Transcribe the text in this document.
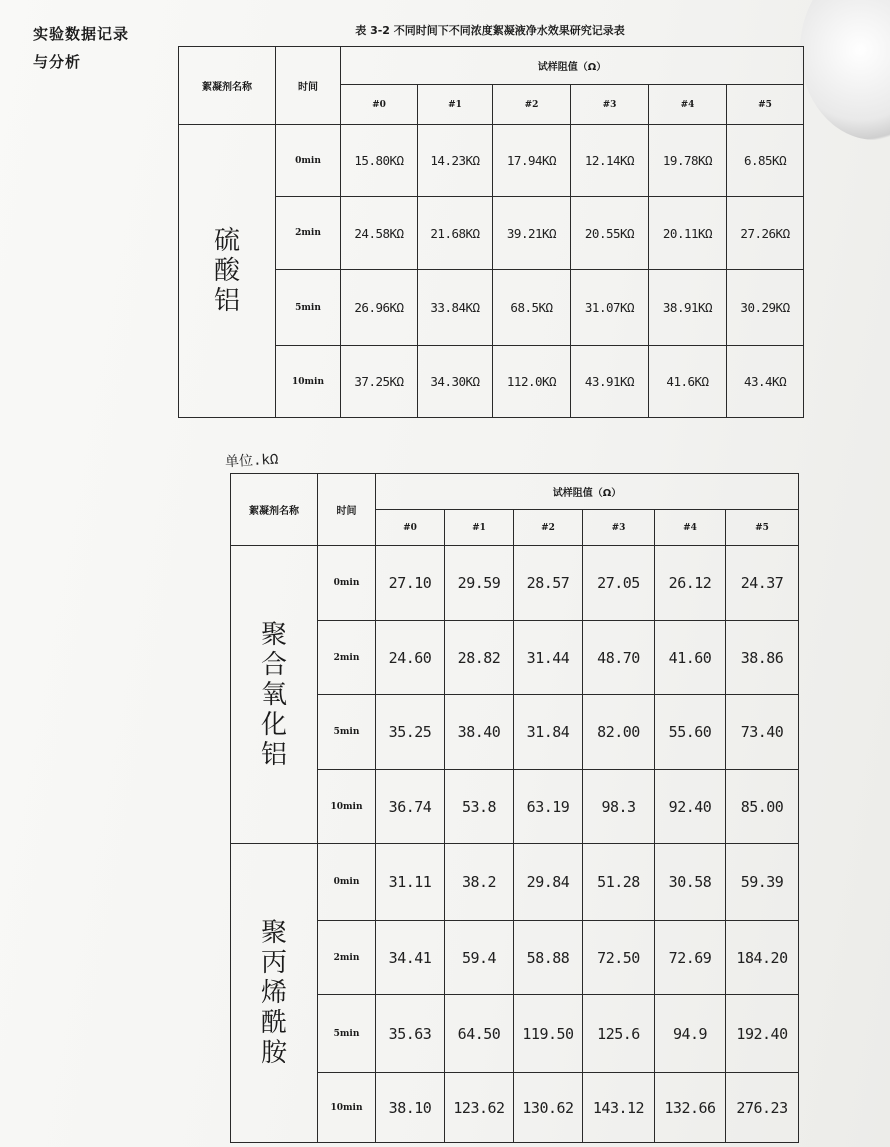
实验数据记录
与分析
表 3-2 不同时间下不同浓度絮凝液净水效果研究记录表
絮凝剂名称	时间	试样阻值（Ω）					
		#0	#1	#2	#3	#4	#5

硫
酸
铝	0min	15.80KΩ	14.23KΩ	17.94KΩ	12.14KΩ	19.78KΩ	6.85KΩ
	2min	24.58KΩ	21.68KΩ	39.21KΩ	20.55KΩ	20.11KΩ	27.26KΩ
	5min	26.96KΩ	33.84KΩ	68.5KΩ	31.07KΩ	38.91KΩ	30.29KΩ
	10min	37.25KΩ	34.30KΩ	112.0KΩ	43.91KΩ	41.6KΩ	43.4KΩ
单位.kΩ
絮凝剂名称	时间	试样阻值（Ω）					
		#0	#1	#2	#3	#4	#5

聚
合
氧
化
铝	0min	27.10	29.59	28.57	27.05	26.12	24.37
	2min	24.60	28.82	31.44	48.70	41.60	38.86
	5min	35.25	38.40	31.84	82.00	55.60	73.40
	10min	36.74	53.8	63.19	98.3	92.40	85.00

聚
丙
烯
酰
胺	0min	31.11	38.2	29.84	51.28	30.58	59.39
	2min	34.41	59.4	58.88	72.50	72.69	184.20
	5min	35.63	64.50	119.50	125.6	94.9	192.40
	10min	38.10	123.62	130.62	143.12	132.66	276.23
